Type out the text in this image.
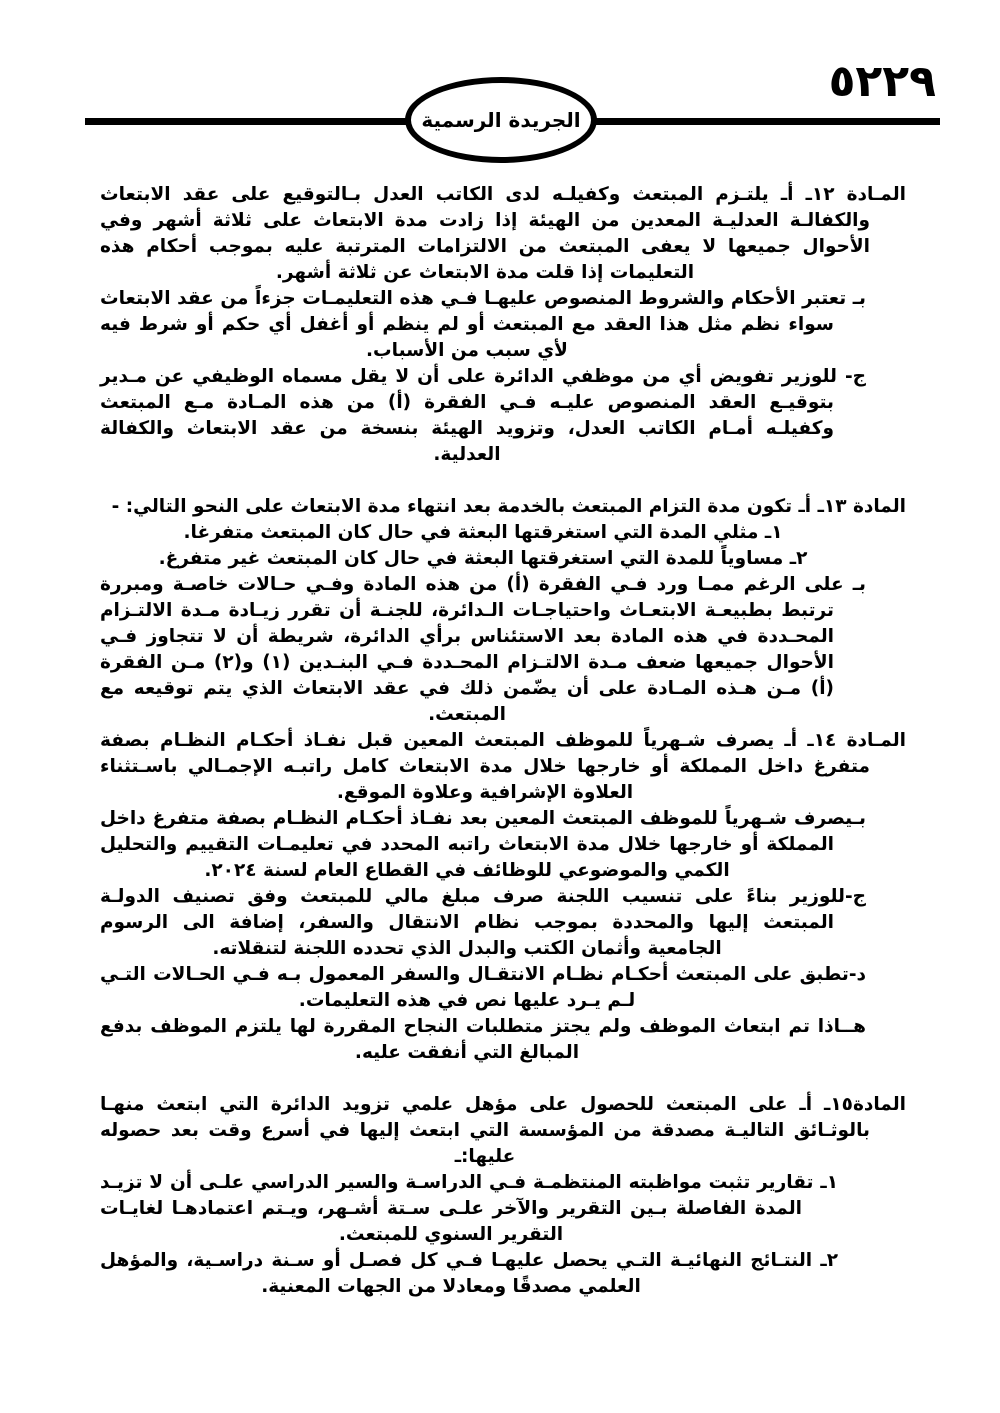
٥٢٢٩
الجريدة الرسمية

المـادة ١٢ـ أـ يلتـزم المبتعث وكفيلـه لدى الكاتب العدل بـالتوقيع على عقد الابتعاث والكفالـة العدليـة المعدين من الهيئة إذا زادت مدة الابتعاث على ثلاثة أشهر وفي الأحوال جميعها لا يعفى المبتعث من الالتزامات المترتبة عليه بموجب أحكام هذه التعليمات إذا قلت مدة الابتعاث عن ثلاثة أشهر.

بـ تعتبر الأحكام والشروط المنصوص عليهـا فـي هذه التعليمـات جزءاً من عقد الابتعاث سواء نظم مثل هذا العقد مع المبتعث أو لم ينظم أو أغفل أي حكم أو شرط فيه لأي سبب من الأسباب.

ج- للوزير تفويض أي من موظفي الدائرة على أن لا يقل مسماه الوظيفي عن مـدير بتوقيـع العقد المنصوص عليـه فـي الفقرة (أ) من هذه المـادة مـع المبتعث وكفيلـه أمـام الكاتب العدل، وتزويد الهيئة بنسخة من عقد الابتعاث والكفالة العدلية.

المادة ١٣ـ أـ تكون مدة التزام المبتعث بالخدمة بعد انتهاء مدة الابتعاث على النحو التالي: -

١ـ مثلي المدة التي استغرقتها البعثة في حال كان المبتعث متفرغا.

٢ـ مساوياً للمدة التي استغرقتها البعثة في حال كان المبتعث غير متفرغ.

بـ على الرغم ممـا ورد فـي الفقرة (أ) من هذه المادة وفـي حـالات خاصـة ومبررة ترتبط بطبيعـة الابتعـاث واحتياجـات الـدائرة، للجنـة أن تقرر زيـادة مـدة الالتـزام المحـددة في هذه المادة بعد الاستئناس برأي الدائرة، شريطة أن لا تتجاوز فـي الأحوال جميعها ضعف مـدة الالتـزام المحـددة فـي البنـدين (١) و(٢) مـن الفقرة (أ) مـن هـذه المـادة على أن يضّمن ذلك في عقد الابتعاث الذي يتم توقيعه مع المبتعث.

المـادة ١٤ـ أـ يصرف شـهرياً للموظف المبتعث المعين قبل نفـاذ أحكـام النظـام بصفة متفرغ داخل المملكة أو خارجها خلال مدة الابتعاث كامل راتبـه الإجمـالي باسـتثناء العلاوة الإشرافية وعلاوة الموقع.

بـيصرف شـهرياً للموظف المبتعث المعين بعد نفـاذ أحكـام النظـام بصفة متفرغ داخل المملكة أو خارجها خلال مدة الابتعاث راتبه المحدد في تعليمـات التقييم والتحليل الكمي والموضوعي للوظائف في القطاع العام لسنة ٢٠٢٤.

ج-للوزير بناءً على تنسيب اللجنة صرف مبلغ مالي للمبتعث وفق تصنيف الدولـة المبتعث إليها والمحددة بموجب نظام الانتقال والسفر، إضافة الى الرسوم الجامعية وأثمان الكتب والبدل الذي تحدده اللجنة لتنقلاته.

د-تطبق على المبتعث أحكـام نظـام الانتقـال والسفر المعمول بـه فـي الحـالات التـي لـم يـرد عليها نص في هذه التعليمات.

هــاذا تم ابتعاث الموظف ولم يجتز متطلبات النجاح المقررة لها يلتزم الموظف بدفع المبالغ التي أنفقت عليه.

المادة١٥ـ أـ على المبتعث للحصول على مؤهل علمي تزويد الدائرة التي ابتعث منهـا بالوثـائق التاليـة مصدقة من المؤسسة التي ابتعث إليها في أسرع وقت بعد حصوله عليها:ـ

١ـ تقارير تثبت مواظبته المنتظمـة فـي الدراسـة والسير الدراسي علـى أن لا تزيـد المدة الفاصلة بـين التقرير والآخر علـى سـتة أشـهر، ويـتم اعتمادهـا لغايـات التقرير السنوي للمبتعث.

٢ـ النتـائج النهائيـة التـي يحصل عليهـا فـي كل فصـل أو سـنة دراسـية، والمؤهل العلمي مصدقًا ومعادلا من الجهات المعنية.
